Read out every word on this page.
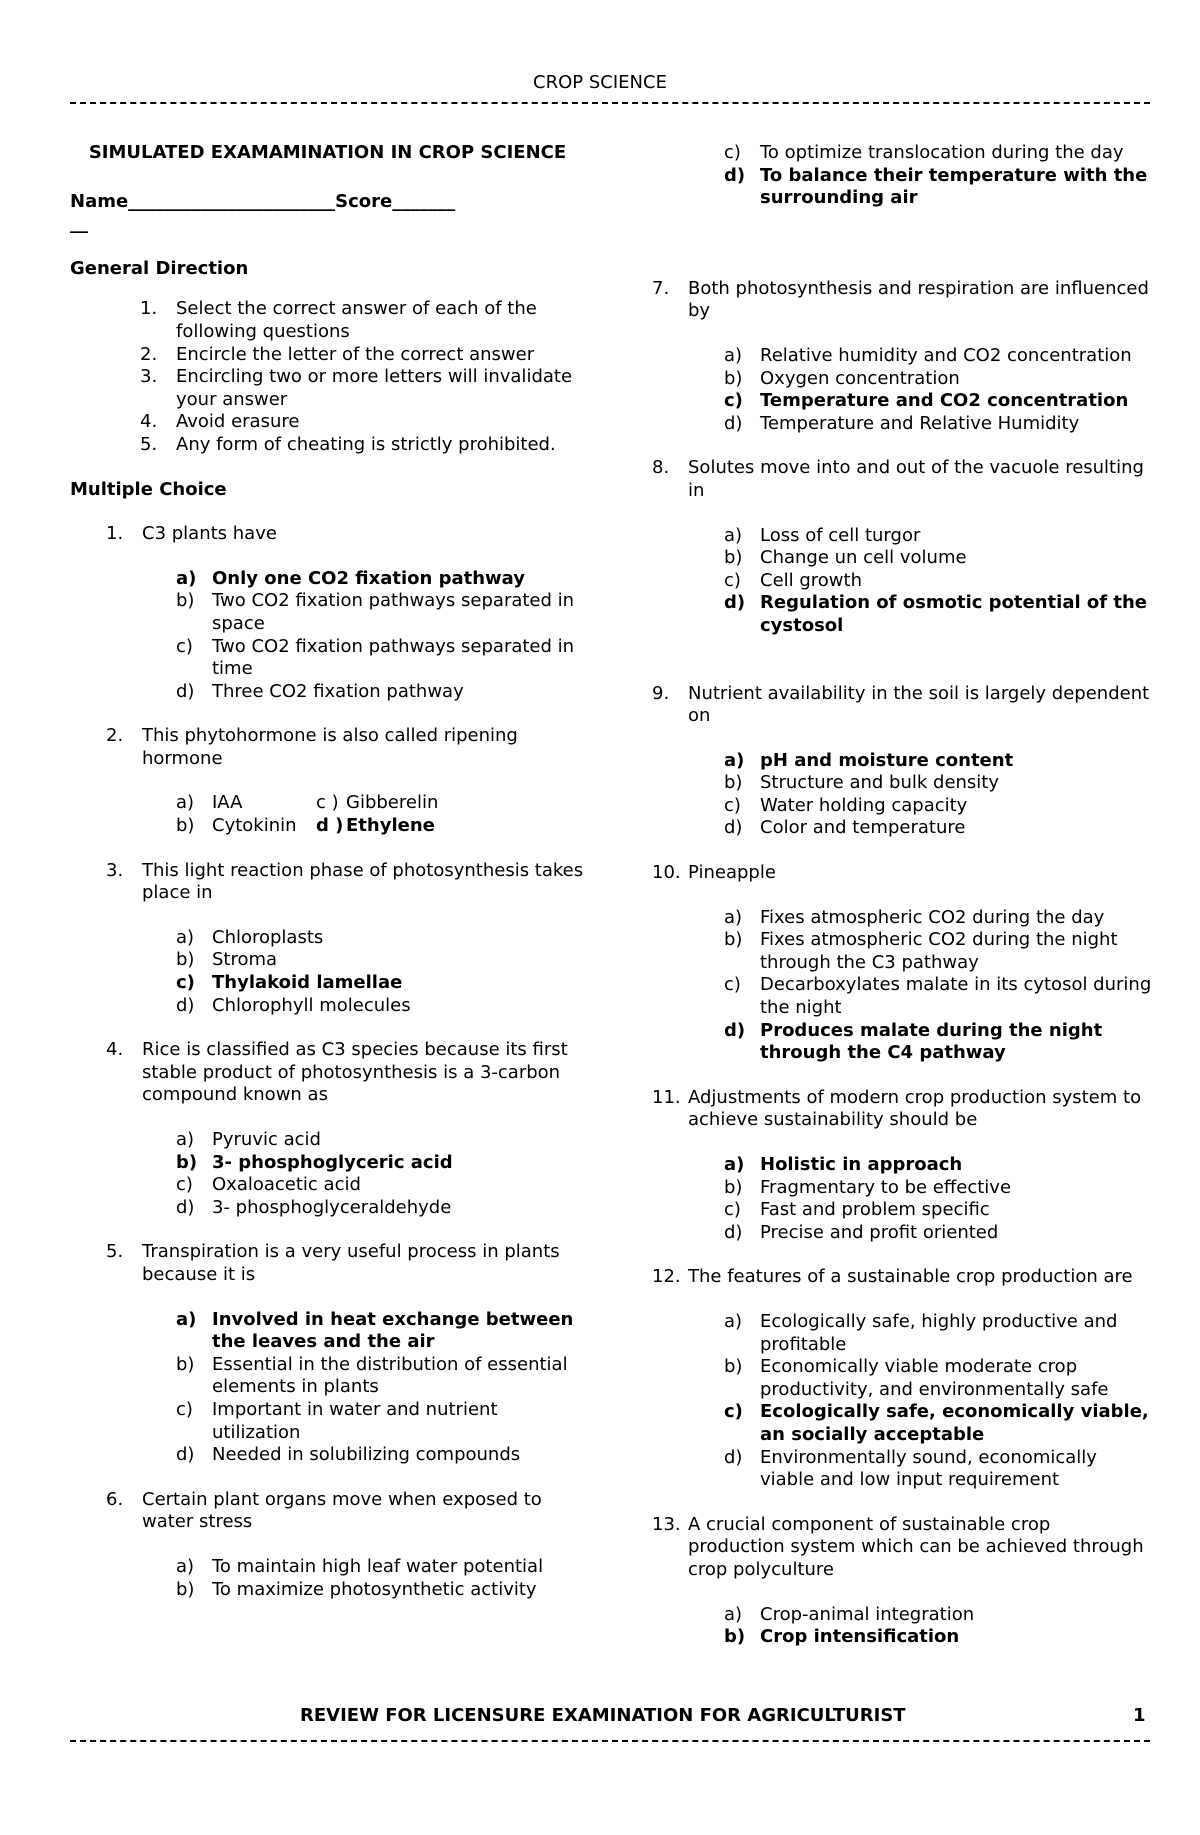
CROP SCIENCE
SIMULATED EXAMAMINATION IN CROP SCIENCE
Name_______________________Score_______
__
General Direction
1.	Select the correct answer of each of the following questions
2.	Encircle the letter of the correct answer
3.	Encircling two or more letters will invalidate your answer
4.	Avoid erasure
5.	Any form of cheating is strictly prohibited.
Multiple Choice
1.	C3 plants have
a) Only one CO2 fixation pathway
b) Two CO2 fixation pathways separated in space
c)	Two CO2 fixation pathways separated in time
d) Three CO2 fixation pathway
2.	This phytohormone is also called ripening hormone
a) IAA	c ) Gibberelin
b) Cytokinin d ) Ethylene
3.	This light reaction phase of photosynthesis takes place in
a) Chloroplasts
b) Stroma
c) Thylakoid lamellae
d) Chlorophyll molecules
4.	Rice is classified as C3 species because its first stable product of photosynthesis is a 3-carbon compound known as
a) Pyruvic acid
b) 3- phosphoglyceric acid
c)	Oxaloacetic acid
d) 3- phosphoglyceraldehyde
5.	Transpiration is a very useful process in plants because it is
a) Involved in heat exchange between the leaves and the air
b) Essential in the distribution of essential elements in plants
c)	Important in water and nutrient utilization
d) Needed in solubilizing compounds
6.	Certain plant organs move when exposed to water stress
a) To maintain high leaf water potential
b) To maximize photosynthetic activity
c)	To optimize translocation during the day
d) To balance their temperature with the surrounding air
7.	Both photosynthesis and respiration are influenced by
a) Relative humidity and CO2 concentration
b) Oxygen concentration
c) Temperature and CO2 concentration
d) Temperature and Relative Humidity
8.	Solutes move into and out of the vacuole resulting in
a) Loss of cell turgor
b) Change un cell volume
c)	Cell growth
d) Regulation of osmotic potential of the cystosol
9.	Nutrient availability in the soil is largely dependent on
a) pH and moisture content
b) Structure and bulk density
c)	Water holding capacity
d) Color and temperature
10. Pineapple
a) Fixes atmospheric CO2 during the day
b) Fixes atmospheric CO2 during the night through the C3 pathway
c)	Decarboxylates malate in its cytosol during the night
d) Produces malate during the night through the C4 pathway
11. Adjustments of modern crop production system to achieve sustainability should be
a) Holistic in approach
b) Fragmentary to be effective
c)	Fast and problem specific
d) Precise and profit oriented
12. The features of a sustainable crop production are
a) Ecologically safe, highly productive and profitable
b) Economically viable moderate crop productivity, and environmentally safe
c) Ecologically safe, economically viable, an socially acceptable
d) Environmentally sound, economically viable and low input requirement
13. A crucial component of sustainable crop production system which can be achieved through crop polyculture
a) Crop-animal integration
b) Crop intensification
REVIEW FOR LICENSURE EXAMINATION FOR AGRICULTURIST	1
